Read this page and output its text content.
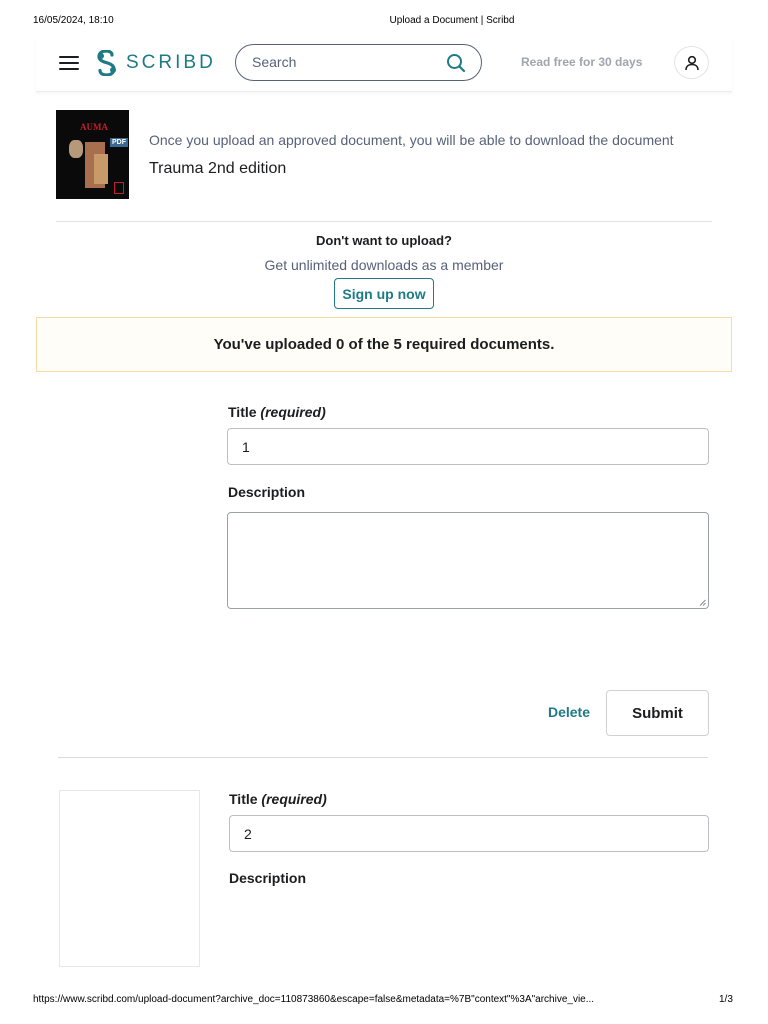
16/05/2024, 18:10	Upload a Document | Scribd
SCRIBD	Search	Read free for 30 days
AUMA
PDF Once you upload an approved document, you will be able to download the document
Trauma 2nd edition
Don't want to upload?
Get unlimited downloads as a member
Sign up now
You've uploaded 0 of the 5 required documents.
Title (required)
1
Description
Delete	Submit
Title (required)
2
Description
https://www.scribd.com/upload-document?archive_doc=110873860&escape=false&metadata=%7B"context"%3A"archive_vie...	1/3
